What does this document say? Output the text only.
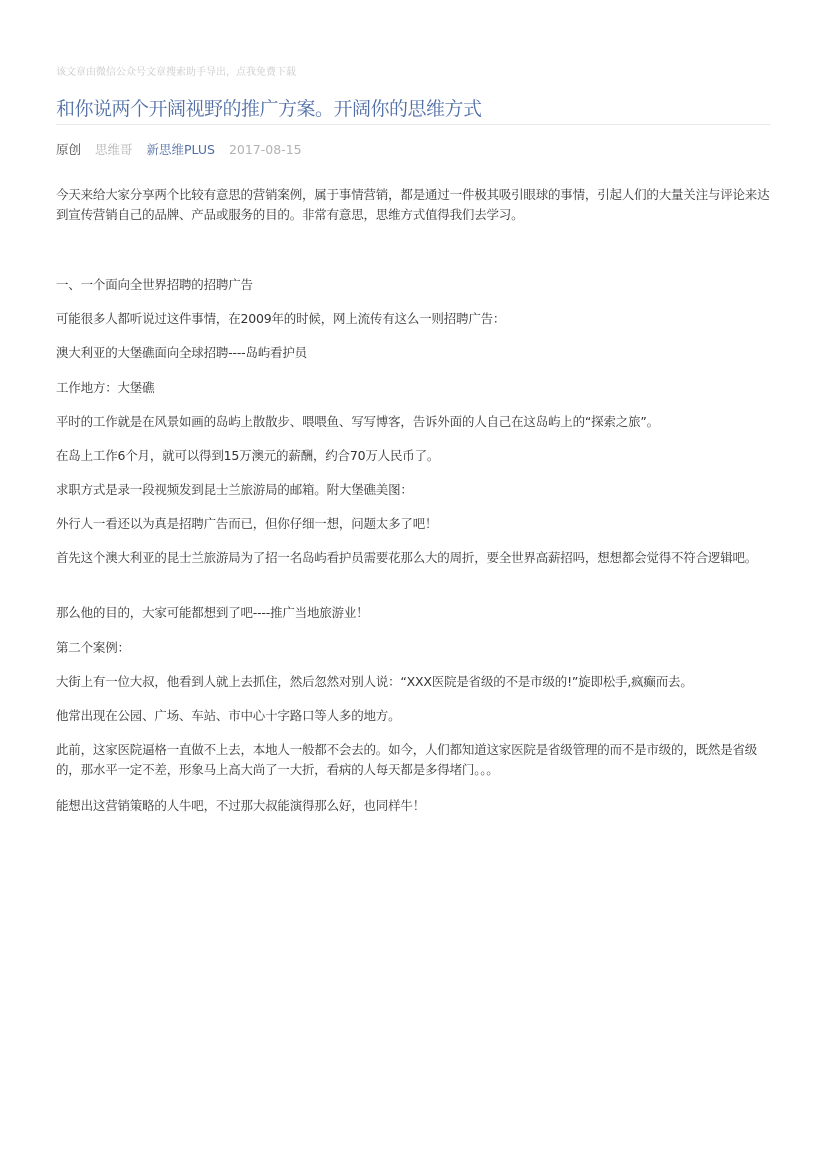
该文章由微信公众号文章搜索助手导出，点我免费下载
和你说两个开阔视野的推广方案。开阔你的思维方式
原创 思维哥 新思维PLUS 2017-08-15

今天来给大家分享两个比较有意思的营销案例，属于事情营销，都是通过一件极其吸引眼球的事情，引起人们的大量关注与评论来达到宣传营销自己的品牌、产品或服务的目的。非常有意思，思维方式值得我们去学习。

一、一个面向全世界招聘的招聘广告

可能很多人都听说过这件事情，在2009年的时候，网上流传有这么一则招聘广告：

澳大利亚的大堡礁面向全球招聘----岛屿看护员

工作地方：大堡礁

平时的工作就是在风景如画的岛屿上散散步、喂喂鱼、写写博客，告诉外面的人自己在这岛屿上的“探索之旅”。

在岛上工作6个月，就可以得到15万澳元的薪酬，约合70万人民币了。

求职方式是录一段视频发到昆士兰旅游局的邮箱。附大堡礁美图：

外行人一看还以为真是招聘广告而已，但你仔细一想，问题太多了吧！

首先这个澳大利亚的昆士兰旅游局为了招一名岛屿看护员需要花那么大的周折，要全世界高薪招吗，想想都会觉得不符合逻辑吧。

那么他的目的，大家可能都想到了吧----推广当地旅游业！

第二个案例：

大街上有一位大叔，他看到人就上去抓住，然后忽然对别人说：“XXX医院是省级的不是市级的!”旋即松手,疯癫而去。

他常出现在公园、广场、车站、市中心十字路口等人多的地方。

此前，这家医院逼格一直做不上去，本地人一般都不会去的。如今，人们都知道这家医院是省级管理的而不是市级的，既然是省级的，那水平一定不差，形象马上高大尚了一大折，看病的人每天都是多得堵门。。。

能想出这营销策略的人牛吧，不过那大叔能演得那么好，也同样牛！
